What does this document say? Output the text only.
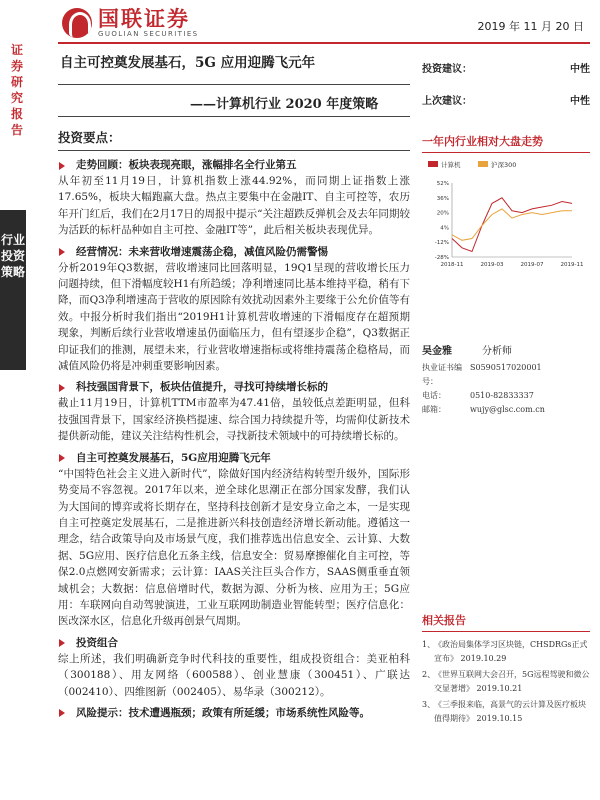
国联证券
GUOLIAN SECURITIES
2019 年 11 月 20 日
证券研究报告
行业投资策略
自主可控奠发展基石，5G 应用迎腾飞元年
——计算机行业 2020 年度策略
投资建议：	中性
上次建议：	中性
投资要点：
走势回顾：板块表现亮眼，涨幅排名全行业第五
从年初至11月19日，计算机指数上涨44.92%，而同期上证指数上涨17.65%，板块大幅跑赢大盘。热点主要集中在金融IT、自主可控等，农历年开门红后，我们在2月17日的周报中提示“关注超跌反弹机会及去年同期较为活跃的标杆品种如自主可控、金融IT等”，此后相关板块表现优异。
经营情况：未来营收增速震荡企稳，减值风险仍需警惕
分析2019年Q3数据，营收增速同比回落明显，19Q1呈现的营收增长压力问题持续，但下滑幅度较H1有所趋缓；净利增速同比基本维持平稳，稍有下降，而Q3净利增速高于营收的原因除有效扰动因素外主要缘于公允价值等有效。中报分析时我们指出“2019H1计算机营收增速的下滑幅度存在超预期现象，判断后续行业营收增速虽仍面临压力，但有望逐步企稳”，Q3数据正印证我们的推测，展望未来，行业营收增速指标或将维持震荡企稳格局，而减值风险仍将是冲刺重要影响因素。
科技强国背景下，板块估值提升，寻找可持续增长标的
截止11月19日，计算机TTM市盈率为47.41倍，虽较低点差距明显，但科技强国背景下，国家经济换档提速、综合国力持续提升等，均需仰仗新技术提供新动能，建议关注结构性机会，寻找新技术领域中的可持续增长标的。
自主可控奠发展基石，5G应用迎腾飞元年
“中国特色社会主义进入新时代”，除做好国内经济结构转型升级外，国际形势变局不容忽视。2017年以来，逆全球化思潮正在部分国家发酵，我们认为大国间的博弈或将长期存在，坚持科技创新才是安身立命之本，一是实现自主可控奠定发展基石，二是推进新兴科技创造经济增长新动能。遵循这一理念，结合政策导向及市场景气度，我们推荐选出信息安全、云计算、大数据、5G应用、医疗信息化五条主线，信息安全：贸易摩擦催化自主可控，等保2.0点燃网安新需求；云计算：IAAS关注巨头合作方，SAAS侧重垂直领域机会；大数据：信息倍增时代，数据为源、分析为核、应用为王；5G应用：车联网向自动驾驶演进，工业互联网助制造业智能转型；医疗信息化：医改深水区，信息化升级再创景气周期。
投资组合
综上所述，我们明确新竞争时代科技的重要性，组成投资组合：美亚柏科（300188）、用友网络（600588）、创业慧康（300451）、广联达（002410）、四维图新（002405）、易华录（300212）。
风险提示：技术遭遇瓶颈；政策有所延缓；市场系统性风险等。
一年内行业相对大盘走势
计算机	沪深300
52%
36%
20%
4%
-12%
-28%
2018-11	2019-03	2019-07	2019-11
吴金雅	分析师
执业证书编号：
S0590517020001
电话：	0510-82833337
邮箱：	wujy@glsc.com.cn
相关报告
1、
《政治局集体学习区块链，CHSDRGs正式宣布》 2019.10.29
2、
《世界互联网大会召开，5G远程驾驶和微公交显著增》 2019.10.21
3、
《三季报来临，高景气的云计算及医疗板块值得期待》 2019.10.15
